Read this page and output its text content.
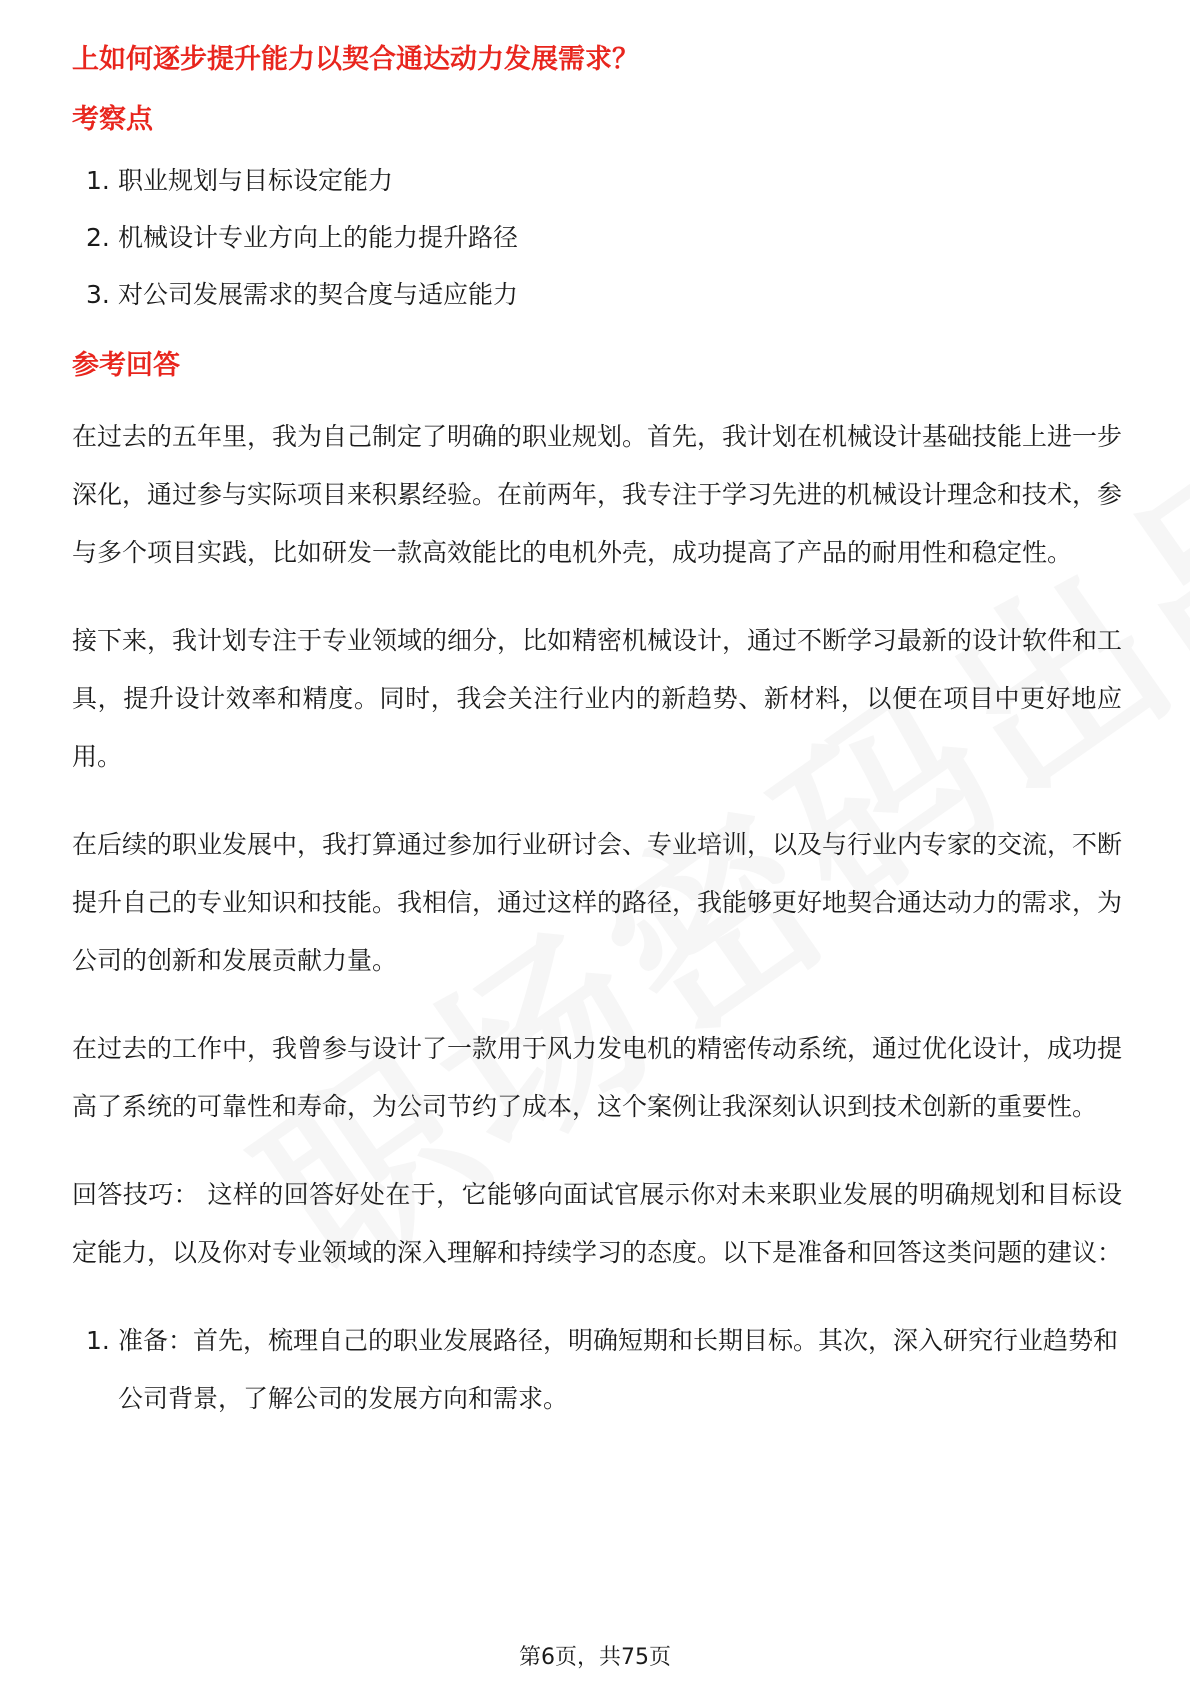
上如何逐步提升能力以契合通达动力发展需求？
考察点
1. 职业规划与目标设定能力
2. 机械设计专业方向上的能力提升路径
3. 对公司发展需求的契合度与适应能力
参考回答

在过去的五年里，我为自己制定了明确的职业规划。首先，我计划在机械设计基础技能上进一步深化，通过参与实际项目来积累经验。在前两年，我专注于学习先进的机械设计理念和技术，参与多个项目实践，比如研发一款高效能比的电机外壳，成功提高了产品的耐用性和稳定性。

接下来，我计划专注于专业领域的细分，比如精密机械设计，通过不断学习最新的设计软件和工具，提升设计效率和精度。同时，我会关注行业内的新趋势、新材料，以便在项目中更好地应用。

在后续的职业发展中，我打算通过参加行业研讨会、专业培训，以及与行业内专家的交流，不断提升自己的专业知识和技能。我相信，通过这样的路径，我能够更好地契合通达动力的需求，为公司的创新和发展贡献力量。

在过去的工作中，我曾参与设计了一款用于风力发电机的精密传动系统，通过优化设计，成功提高了系统的可靠性和寿命，为公司节约了成本，这个案例让我深刻认识到技术创新的重要性。

回答技巧： 这样的回答好处在于，它能够向面试官展示你对未来职业发展的明确规划和目标设定能力，以及你对专业领域的深入理解和持续学习的态度。以下是准备和回答这类问题的建议：

1. 准备：首先，梳理自己的职业发展路径，明确短期和长期目标。其次，深入研究行业趋势和公司背景，了解公司的发展方向和需求。
第6页，共75页
